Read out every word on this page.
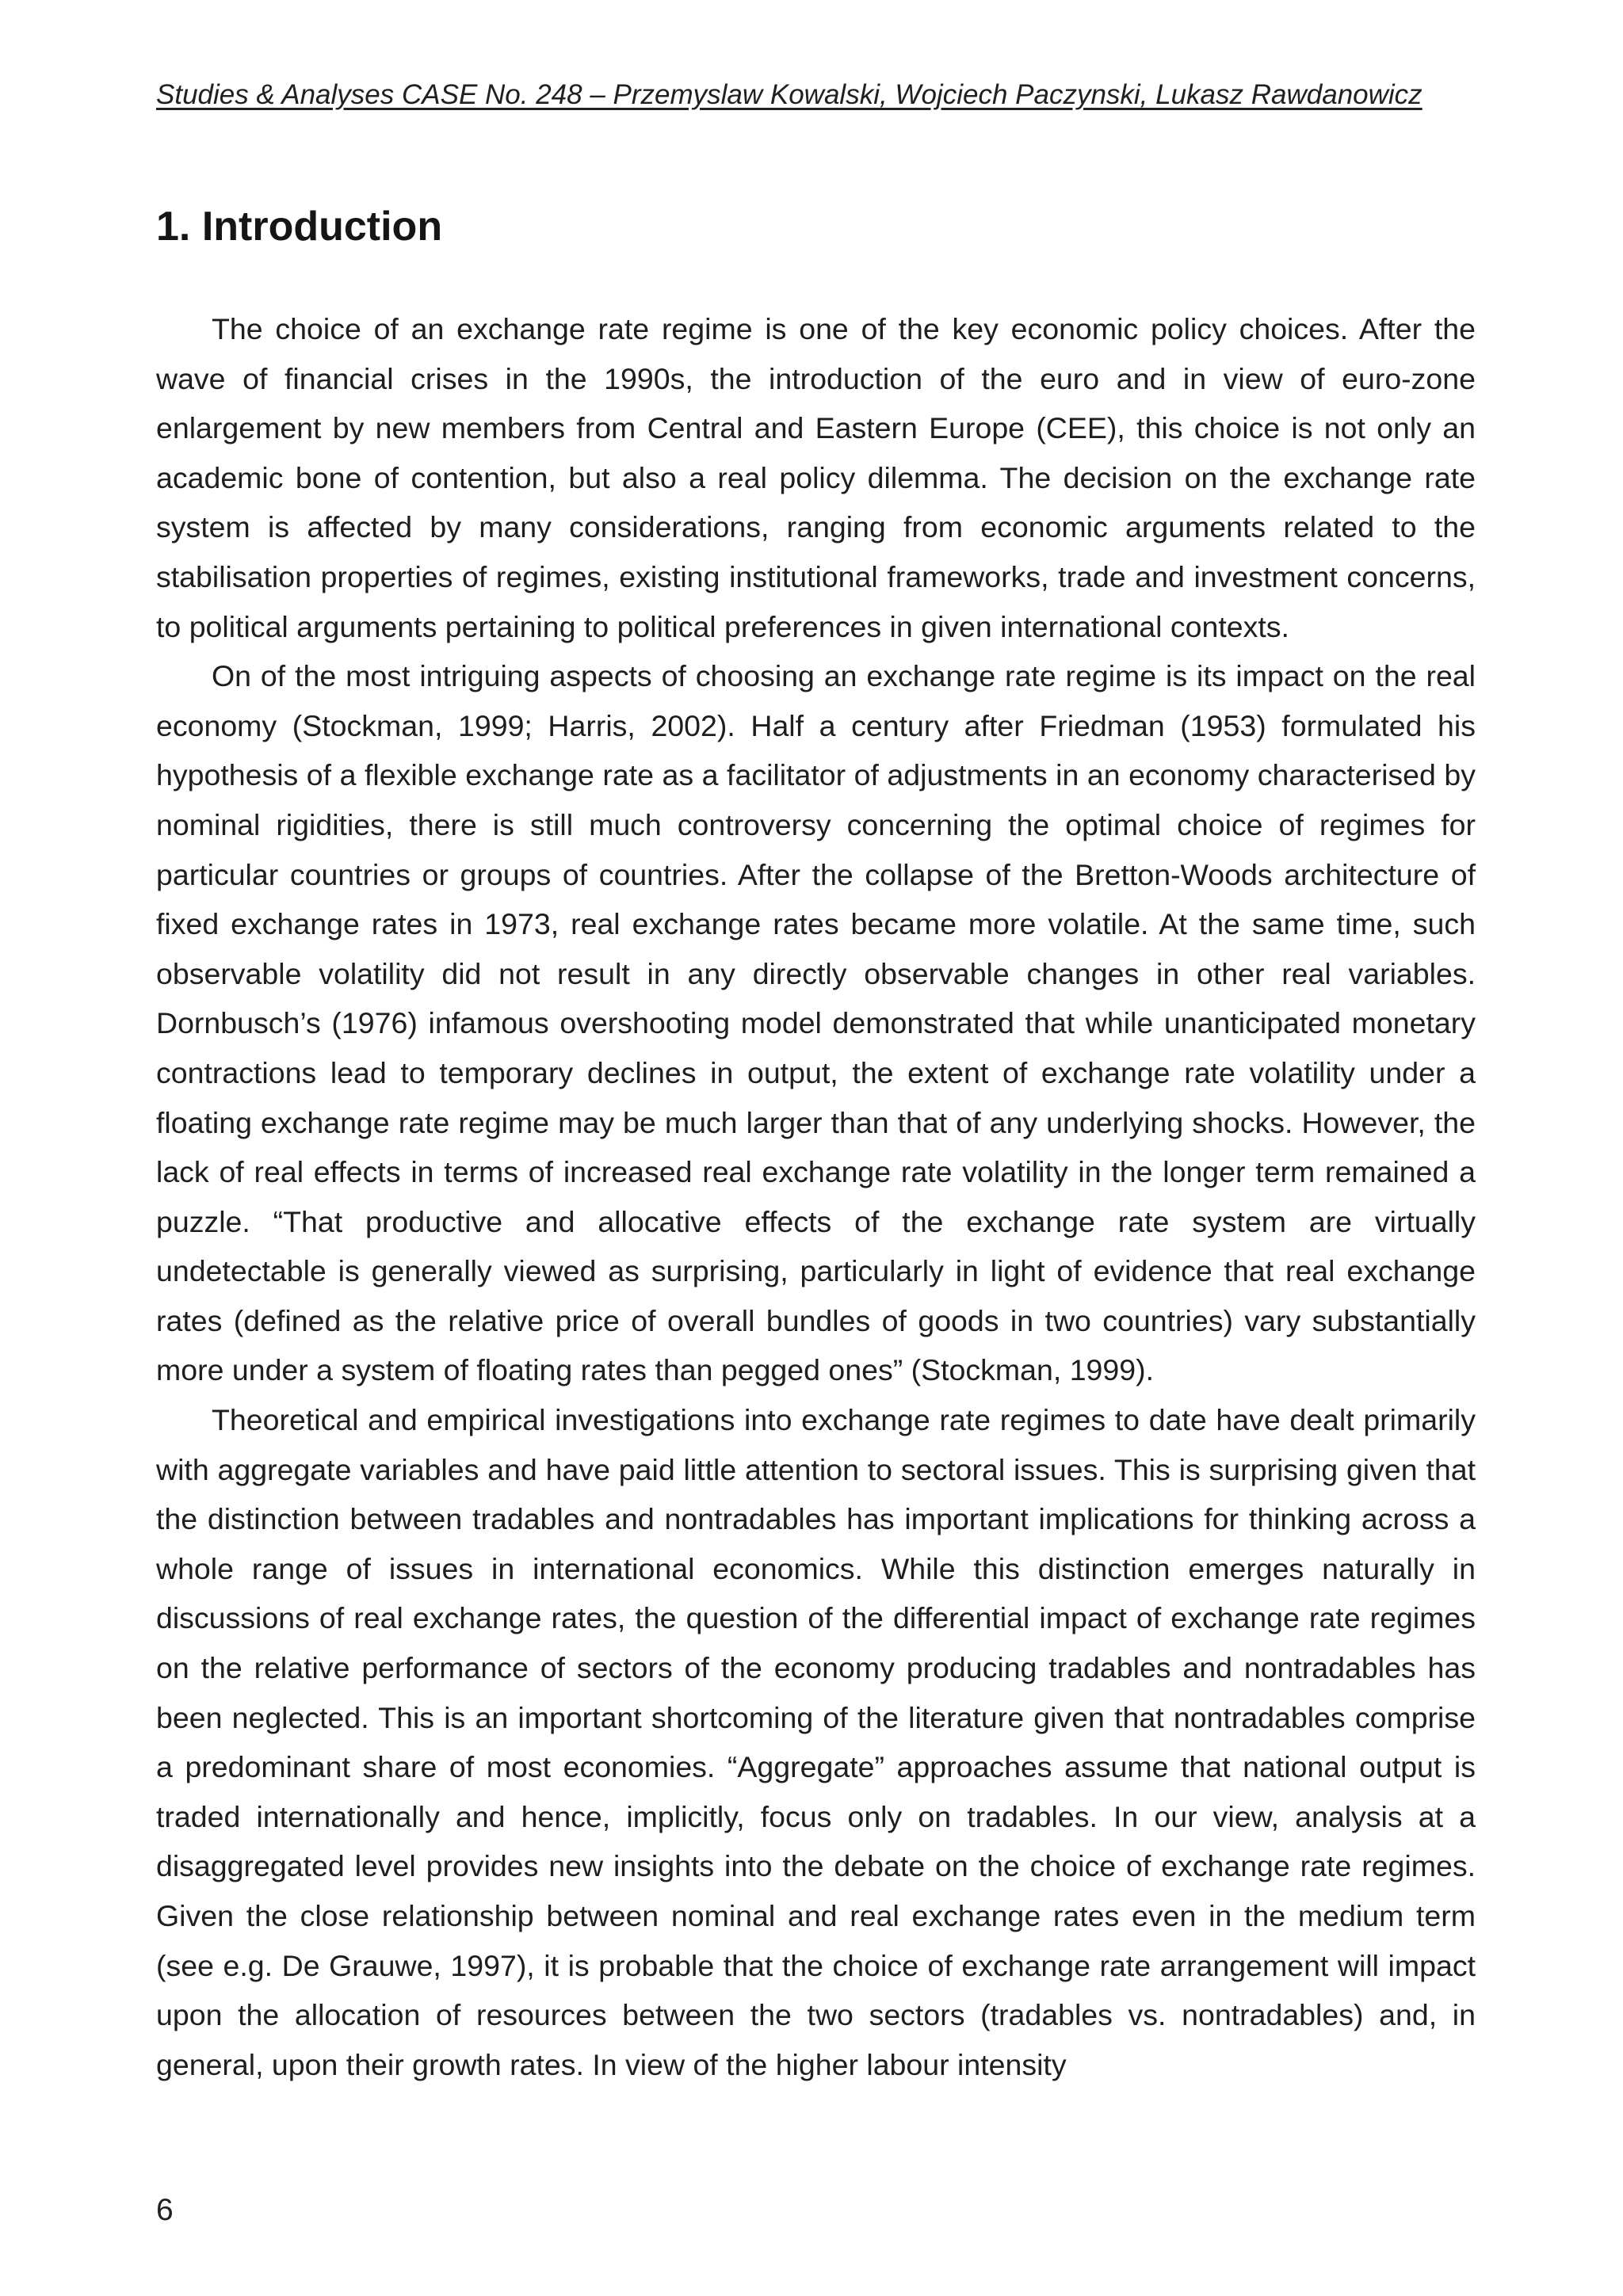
Studies & Analyses CASE No. 248 – Przemyslaw Kowalski, Wojciech Paczynski, Lukasz Rawdanowicz
1. Introduction

The choice of an exchange rate regime is one of the key economic policy choices. After the wave of financial crises in the 1990s, the introduction of the euro and in view of euro-zone enlargement by new members from Central and Eastern Europe (CEE), this choice is not only an academic bone of contention, but also a real policy dilemma. The decision on the exchange rate system is affected by many considerations, ranging from economic arguments related to the stabilisation properties of regimes, existing institutional frameworks, trade and investment concerns, to political arguments pertaining to political preferences in given international contexts.

On of the most intriguing aspects of choosing an exchange rate regime is its impact on the real economy (Stockman, 1999; Harris, 2002). Half a century after Friedman (1953) formulated his hypothesis of a flexible exchange rate as a facilitator of adjustments in an economy characterised by nominal rigidities, there is still much controversy concerning the optimal choice of regimes for particular countries or groups of countries. After the collapse of the Bretton-Woods architecture of fixed exchange rates in 1973, real exchange rates became more volatile. At the same time, such observable volatility did not result in any directly observable changes in other real variables. Dornbusch’s (1976) infamous overshooting model demonstrated that while unanticipated monetary contractions lead to temporary declines in output, the extent of exchange rate volatility under a floating exchange rate regime may be much larger than that of any underlying shocks. However, the lack of real effects in terms of increased real exchange rate volatility in the longer term remained a puzzle. “That productive and allocative effects of the exchange rate system are virtually undetectable is generally viewed as surprising, particularly in light of evidence that real exchange rates (defined as the relative price of overall bundles of goods in two countries) vary substantially more under a system of floating rates than pegged ones” (Stockman, 1999).

Theoretical and empirical investigations into exchange rate regimes to date have dealt primarily with aggregate variables and have paid little attention to sectoral issues. This is surprising given that the distinction between tradables and nontradables has important implications for thinking across a whole range of issues in international economics. While this distinction emerges naturally in discussions of real exchange rates, the question of the differential impact of exchange rate regimes on the relative performance of sectors of the economy producing tradables and nontradables has been neglected. This is an important shortcoming of the literature given that nontradables comprise a predominant share of most economies. “Aggregate” approaches assume that national output is traded internationally and hence, implicitly, focus only on tradables. In our view, analysis at a disaggregated level provides new insights into the debate on the choice of exchange rate regimes. Given the close relationship between nominal and real exchange rates even in the medium term (see e.g. De Grauwe, 1997), it is probable that the choice of exchange rate arrangement will impact upon the allocation of resources between the two sectors (tradables vs. nontradables) and, in general, upon their growth rates. In view of the higher labour intensity

6
